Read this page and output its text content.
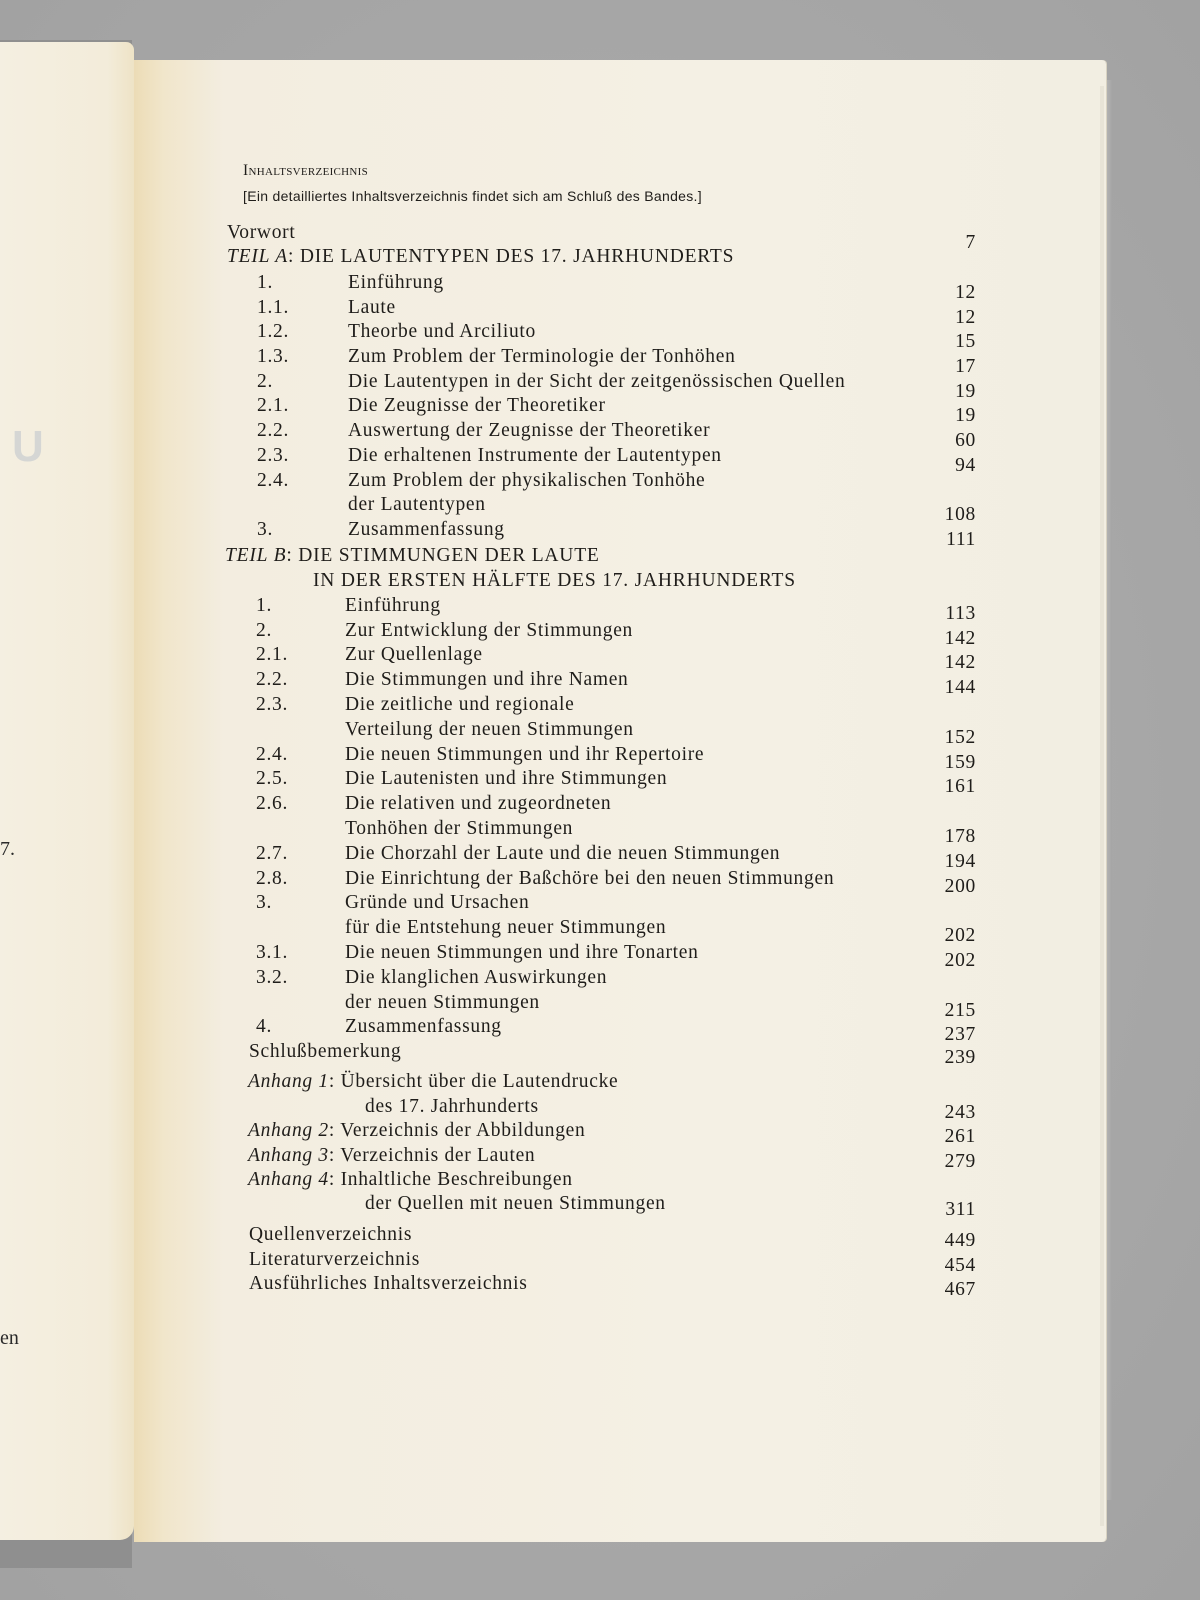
U
7.
en
Inhaltsverzeichnis
[Ein detailliertes Inhaltsverzeichnis findet sich am Schluß des Bandes.]
Vorwort	7
TEIL A: DIE LAUTENTYPEN DES 17. JAHRHUNDERTS
1.	Einführung	12
1.1.	Laute	12
1.2.	Theorbe und Arciliuto	15
1.3.	Zum Problem der Terminologie der Tonhöhen	17
2.	Die Lautentypen in der Sicht der zeitgenössischen Quellen	19
2.1.	Die Zeugnisse der Theoretiker	19
2.2.	Auswertung der Zeugnisse der Theoretiker	60
2.3.	Die erhaltenen Instrumente der Lautentypen	94
2.4.	Zum Problem der physikalischen Tonhöhe
der Lautentypen	108
3.	Zusammenfassung	111
TEIL B: DIE STIMMUNGEN DER LAUTE
IN DER ERSTEN HÄLFTE DES 17. JAHRHUNDERTS
1.	Einführung	113
2.	Zur Entwicklung der Stimmungen	142
2.1.	Zur Quellenlage	142
2.2.	Die Stimmungen und ihre Namen	144
2.3.	Die zeitliche und regionale
Verteilung der neuen Stimmungen	152
2.4.	Die neuen Stimmungen und ihr Repertoire	159
2.5.	Die Lautenisten und ihre Stimmungen	161
2.6.	Die relativen und zugeordneten
Tonhöhen der Stimmungen	178
2.7.	Die Chorzahl der Laute und die neuen Stimmungen	194
2.8.	Die Einrichtung der Baßchöre bei den neuen Stimmungen	200
3.	Gründe und Ursachen
für die Entstehung neuer Stimmungen	202
3.1.	Die neuen Stimmungen und ihre Tonarten	202
3.2.	Die klanglichen Auswirkungen
der neuen Stimmungen	215
4.	Zusammenfassung	237
Schlußbemerkung	239
Anhang 1: Übersicht über die Lautendrucke
des 17. Jahrhunderts	243
Anhang 2: Verzeichnis der Abbildungen	261
Anhang 3: Verzeichnis der Lauten	279
Anhang 4: Inhaltliche Beschreibungen
der Quellen mit neuen Stimmungen	311
Quellenverzeichnis	449
Literaturverzeichnis	454
Ausführliches Inhaltsverzeichnis	467
